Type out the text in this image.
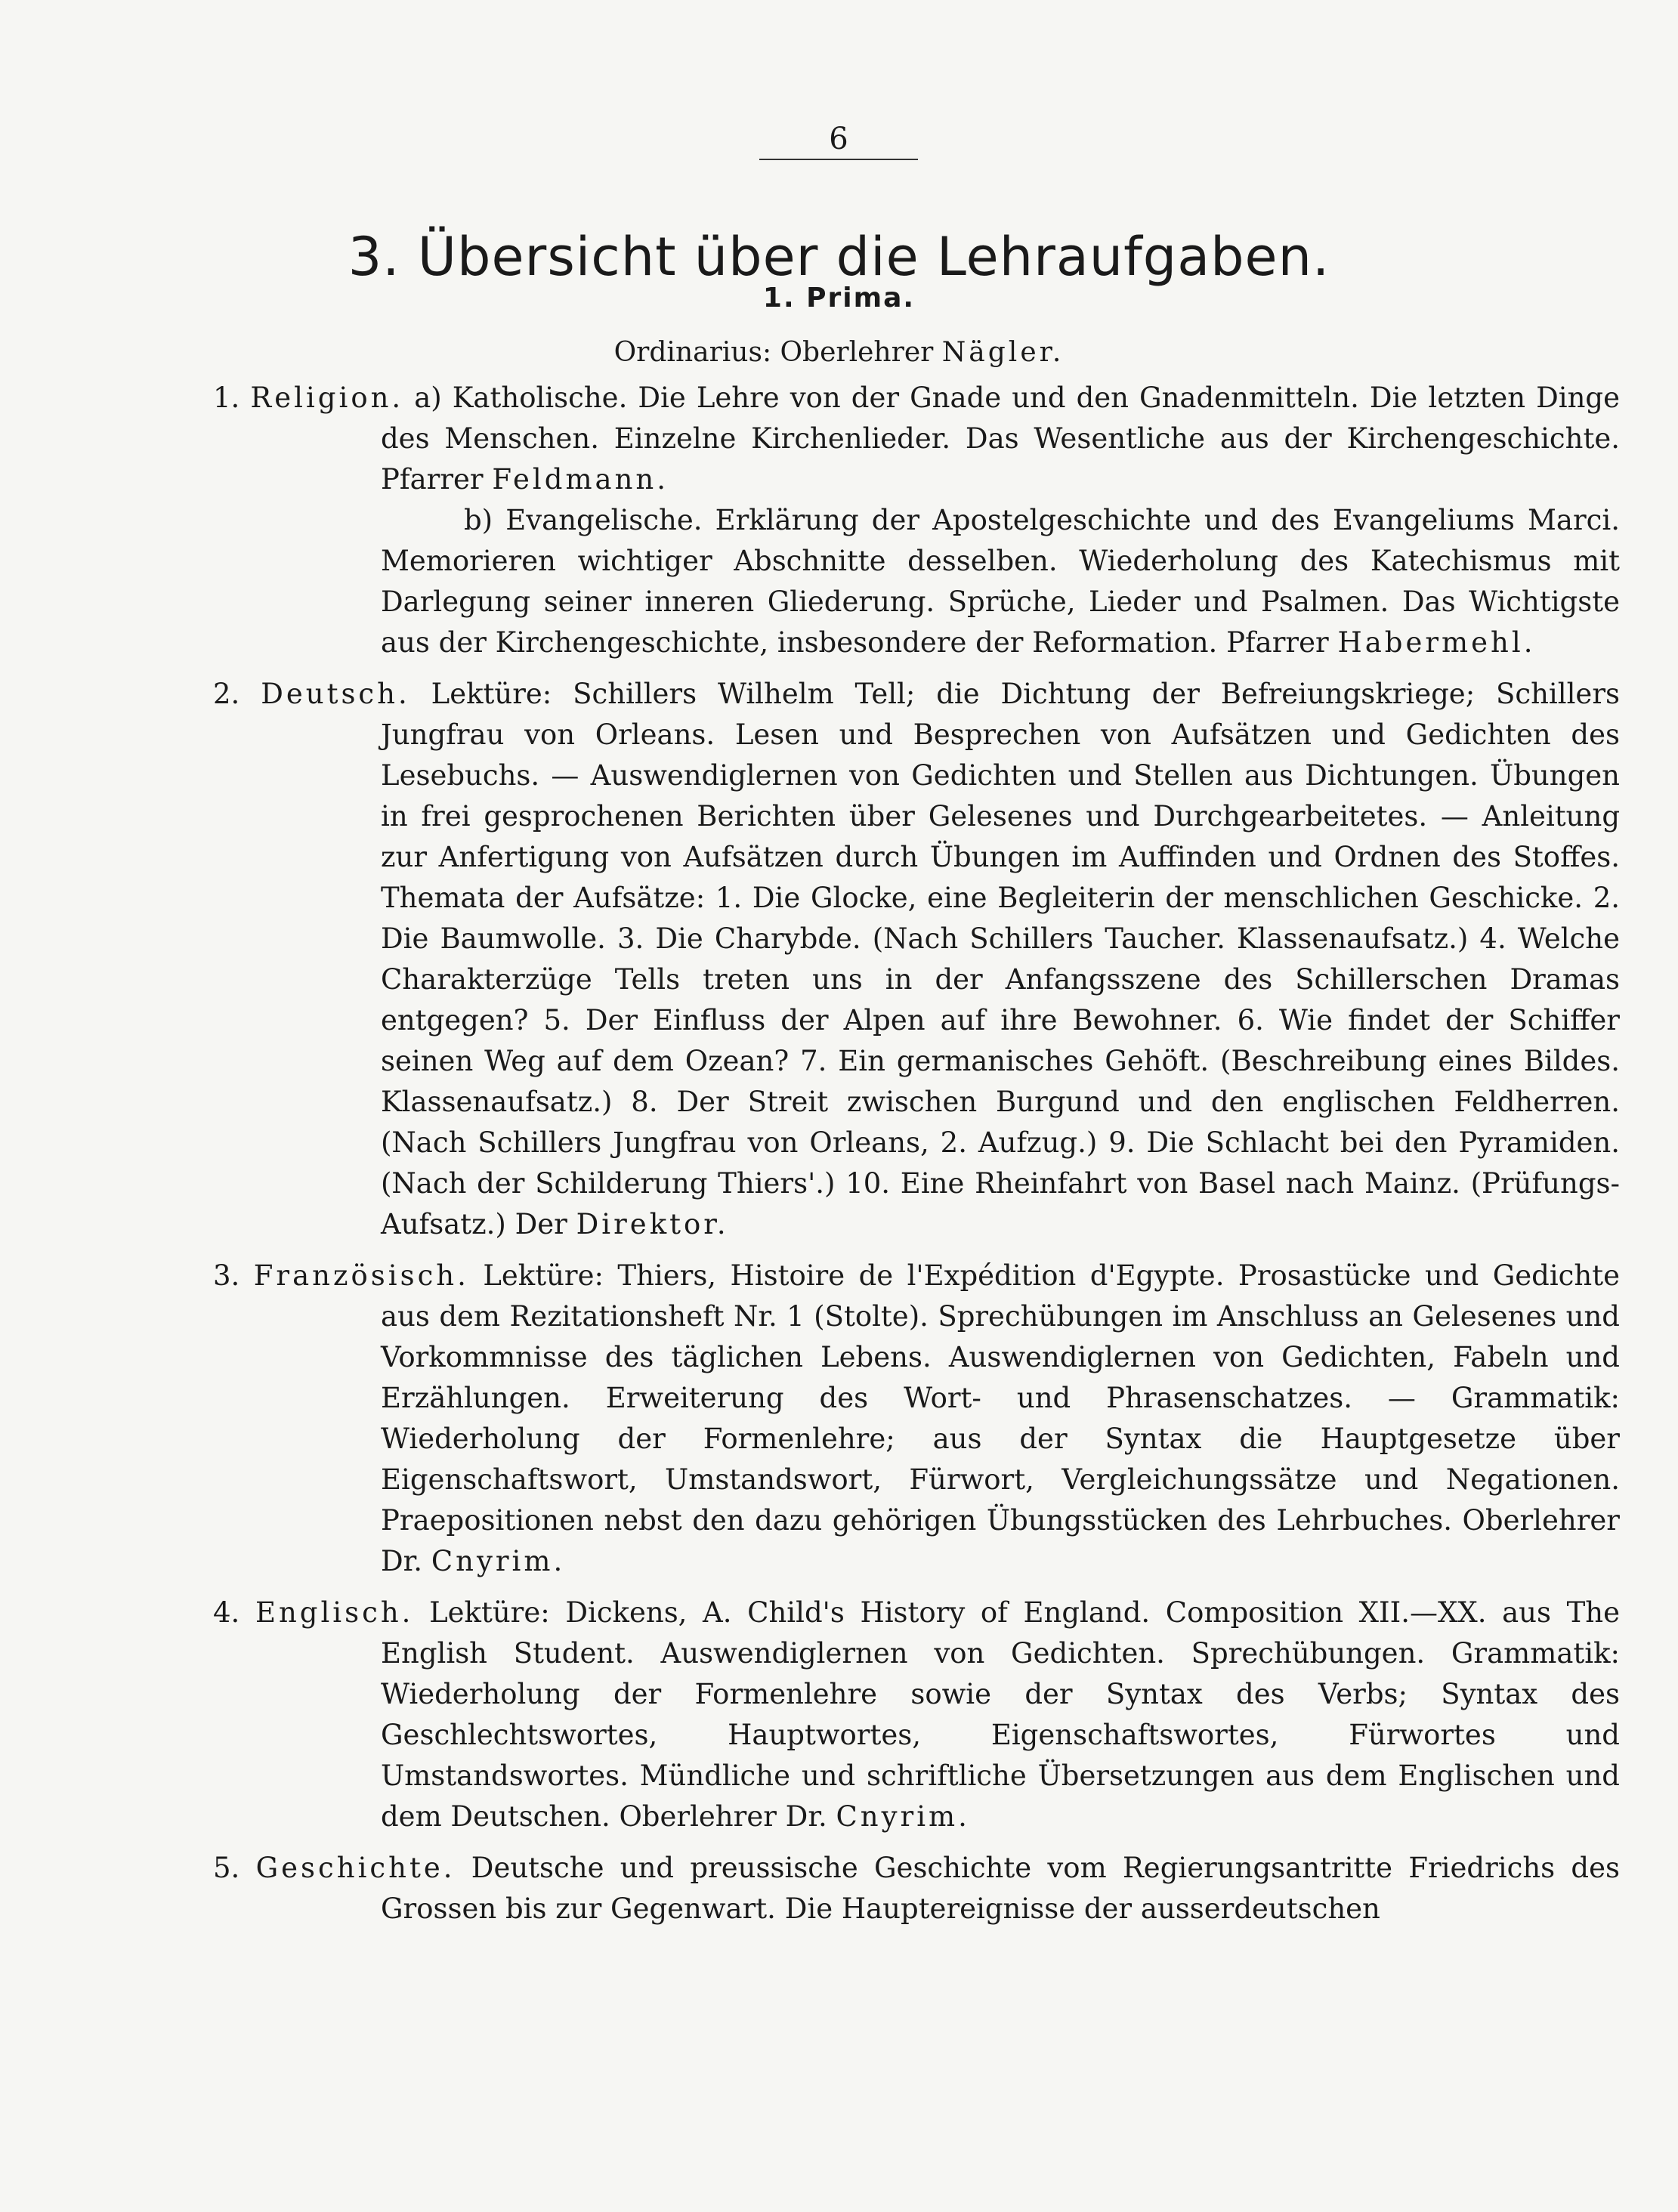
6
3. Übersicht über die Lehraufgaben.
1. Prima.
Ordinarius: Oberlehrer Nägler.

1. Religion. a) Katholische. Die Lehre von der Gnade und den Gnadenmitteln. Die letzten Dinge des Menschen. Einzelne Kirchenlieder. Das Wesentliche aus der Kirchengeschichte. Pfarrer Feldmann.

b) Evangelische. Erklärung der Apostelgeschichte und des Evangeliums Marci. Memorieren wichtiger Abschnitte desselben. Wiederholung des Katechismus mit Darlegung seiner inneren Gliederung. Sprüche, Lieder und Psalmen. Das Wichtigste aus der Kirchengeschichte, insbesondere der Reformation. Pfarrer Habermehl.

2. Deutsch. Lektüre: Schillers Wilhelm Tell; die Dichtung der Befreiungskriege; Schillers Jungfrau von Orleans. Lesen und Besprechen von Aufsätzen und Gedichten des Lesebuchs. — Auswendiglernen von Gedichten und Stellen aus Dichtungen. Übungen in frei gesprochenen Berichten über Gelesenes und Durchgearbeitetes. — Anleitung zur Anfertigung von Aufsätzen durch Übungen im Auffinden und Ordnen des Stoffes. Themata der Aufsätze: 1. Die Glocke, eine Begleiterin der menschlichen Geschicke. 2. Die Baumwolle. 3. Die Charybde. (Nach Schillers Taucher. Klassenaufsatz.) 4. Welche Charakterzüge Tells treten uns in der Anfangsszene des Schillerschen Dramas entgegen? 5. Der Einfluss der Alpen auf ihre Bewohner. 6. Wie findet der Schiffer seinen Weg auf dem Ozean? 7. Ein germanisches Gehöft. (Beschreibung eines Bildes. Klassenaufsatz.) 8. Der Streit zwischen Burgund und den englischen Feldherren. (Nach Schillers Jungfrau von Orleans, 2. Aufzug.) 9. Die Schlacht bei den Pyramiden. (Nach der Schilderung Thiers'.) 10. Eine Rheinfahrt von Basel nach Mainz. (Prüfungs-Aufsatz.) Der Direktor.

3. Französisch. Lektüre: Thiers, Histoire de l'Expédition d'Egypte. Prosastücke und Gedichte aus dem Rezitationsheft Nr. 1 (Stolte). Sprechübungen im Anschluss an Gelesenes und Vorkommnisse des täglichen Lebens. Auswendiglernen von Gedichten, Fabeln und Erzählungen. Erweiterung des Wort- und Phrasenschatzes. — Grammatik: Wiederholung der Formenlehre; aus der Syntax die Hauptgesetze über Eigenschaftswort, Umstandswort, Fürwort, Vergleichungssätze und Negationen. Praepositionen nebst den dazu gehörigen Übungsstücken des Lehrbuches. Oberlehrer Dr. Cnyrim.

4. Englisch. Lektüre: Dickens, A. Child's History of England. Composition XII.—XX. aus The English Student. Auswendiglernen von Gedichten. Sprechübungen. Grammatik: Wiederholung der Formenlehre sowie der Syntax des Verbs; Syntax des Geschlechtswortes, Hauptwortes, Eigenschaftswortes, Fürwortes und Umstandswortes. Mündliche und schriftliche Übersetzungen aus dem Englischen und dem Deutschen. Oberlehrer Dr. Cnyrim.

5. Geschichte. Deutsche und preussische Geschichte vom Regierungsantritte Friedrichs des Grossen bis zur Gegenwart. Die Hauptereignisse der ausserdeutschen
